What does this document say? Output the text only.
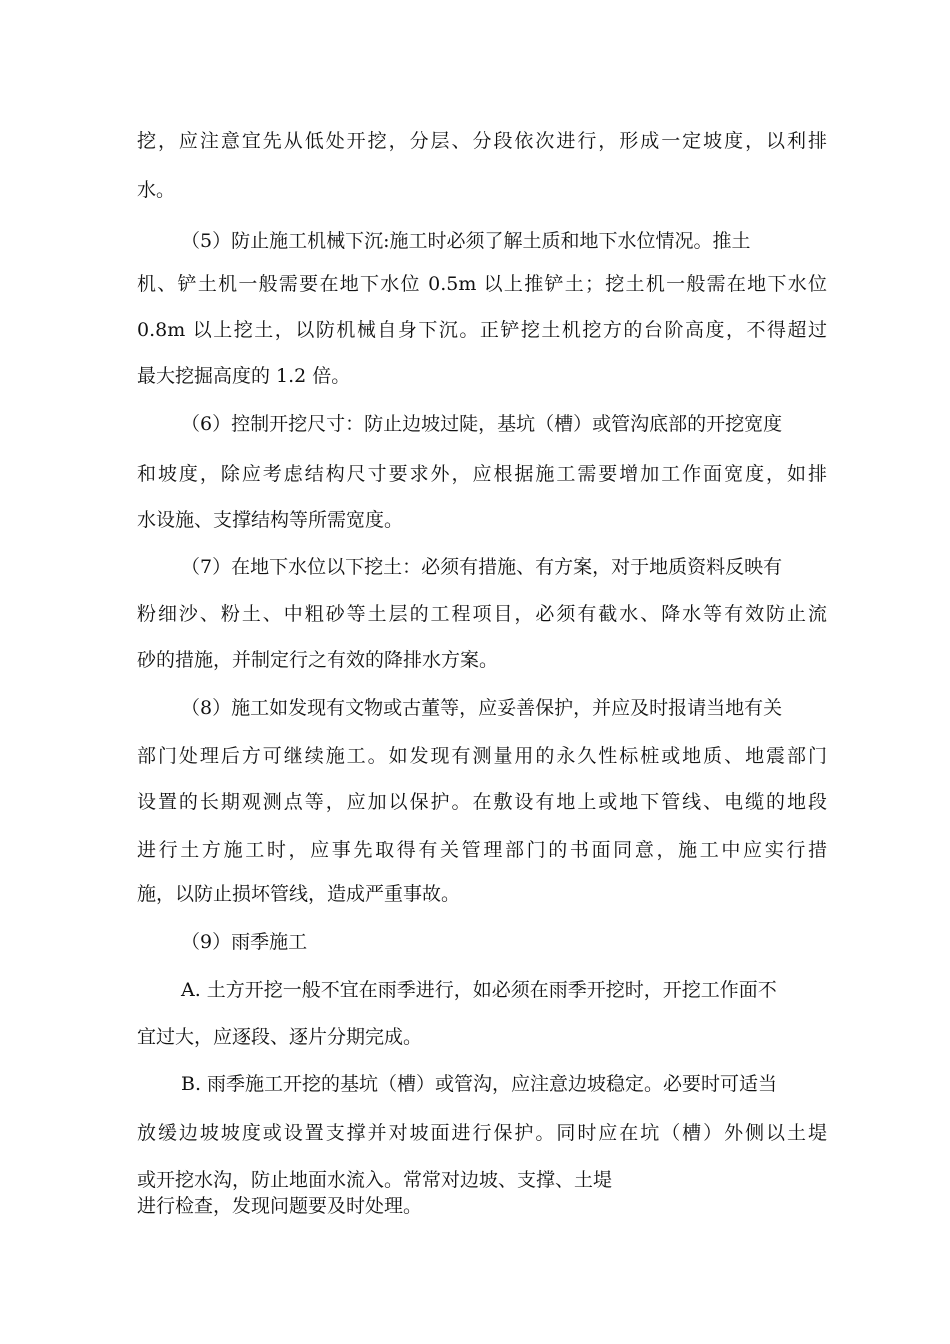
挖，应注意宜先从低处开挖，分层、分段依次进行，形成一定坡度，以利排
水。
（5）防止施工机械下沉:施工时必须了解土质和地下水位情况。推土
机、铲土机一般需要在地下水位 0.5m 以上推铲土；挖土机一般需在地下水位
0.8m 以上挖土，以防机械自身下沉。正铲挖土机挖方的台阶高度，不得超过
最大挖掘高度的 1.2 倍。
（6）控制开挖尺寸：防止边坡过陡，基坑（槽）或管沟底部的开挖宽度
和坡度，除应考虑结构尺寸要求外，应根据施工需要增加工作面宽度，如排
水设施、支撑结构等所需宽度。
（7）在地下水位以下挖土：必须有措施、有方案，对于地质资料反映有
粉细沙、粉土、中粗砂等土层的工程项目，必须有截水、降水等有效防止流
砂的措施，并制定行之有效的降排水方案。
（8）施工如发现有文物或古董等，应妥善保护，并应及时报请当地有关
部门处理后方可继续施工。如发现有测量用的永久性标桩或地质、地震部门
设置的长期观测点等，应加以保护。在敷设有地上或地下管线、电缆的地段
进行土方施工时，应事先取得有关管理部门的书面同意，施工中应实行措
施，以防止损坏管线，造成严重事故。
（9）雨季施工
A. 土方开挖一般不宜在雨季进行，如必须在雨季开挖时，开挖工作面不
宜过大，应逐段、逐片分期完成。
B. 雨季施工开挖的基坑（槽）或管沟，应注意边坡稳定。必要时可适当
放缓边坡坡度或设置支撑并对坡面进行保护。同时应在坑（槽）外侧以土堤
或开挖水沟，防止地面水流入。常常对边坡、支撑、土堤
进行检查，发现问题要及时处理。
